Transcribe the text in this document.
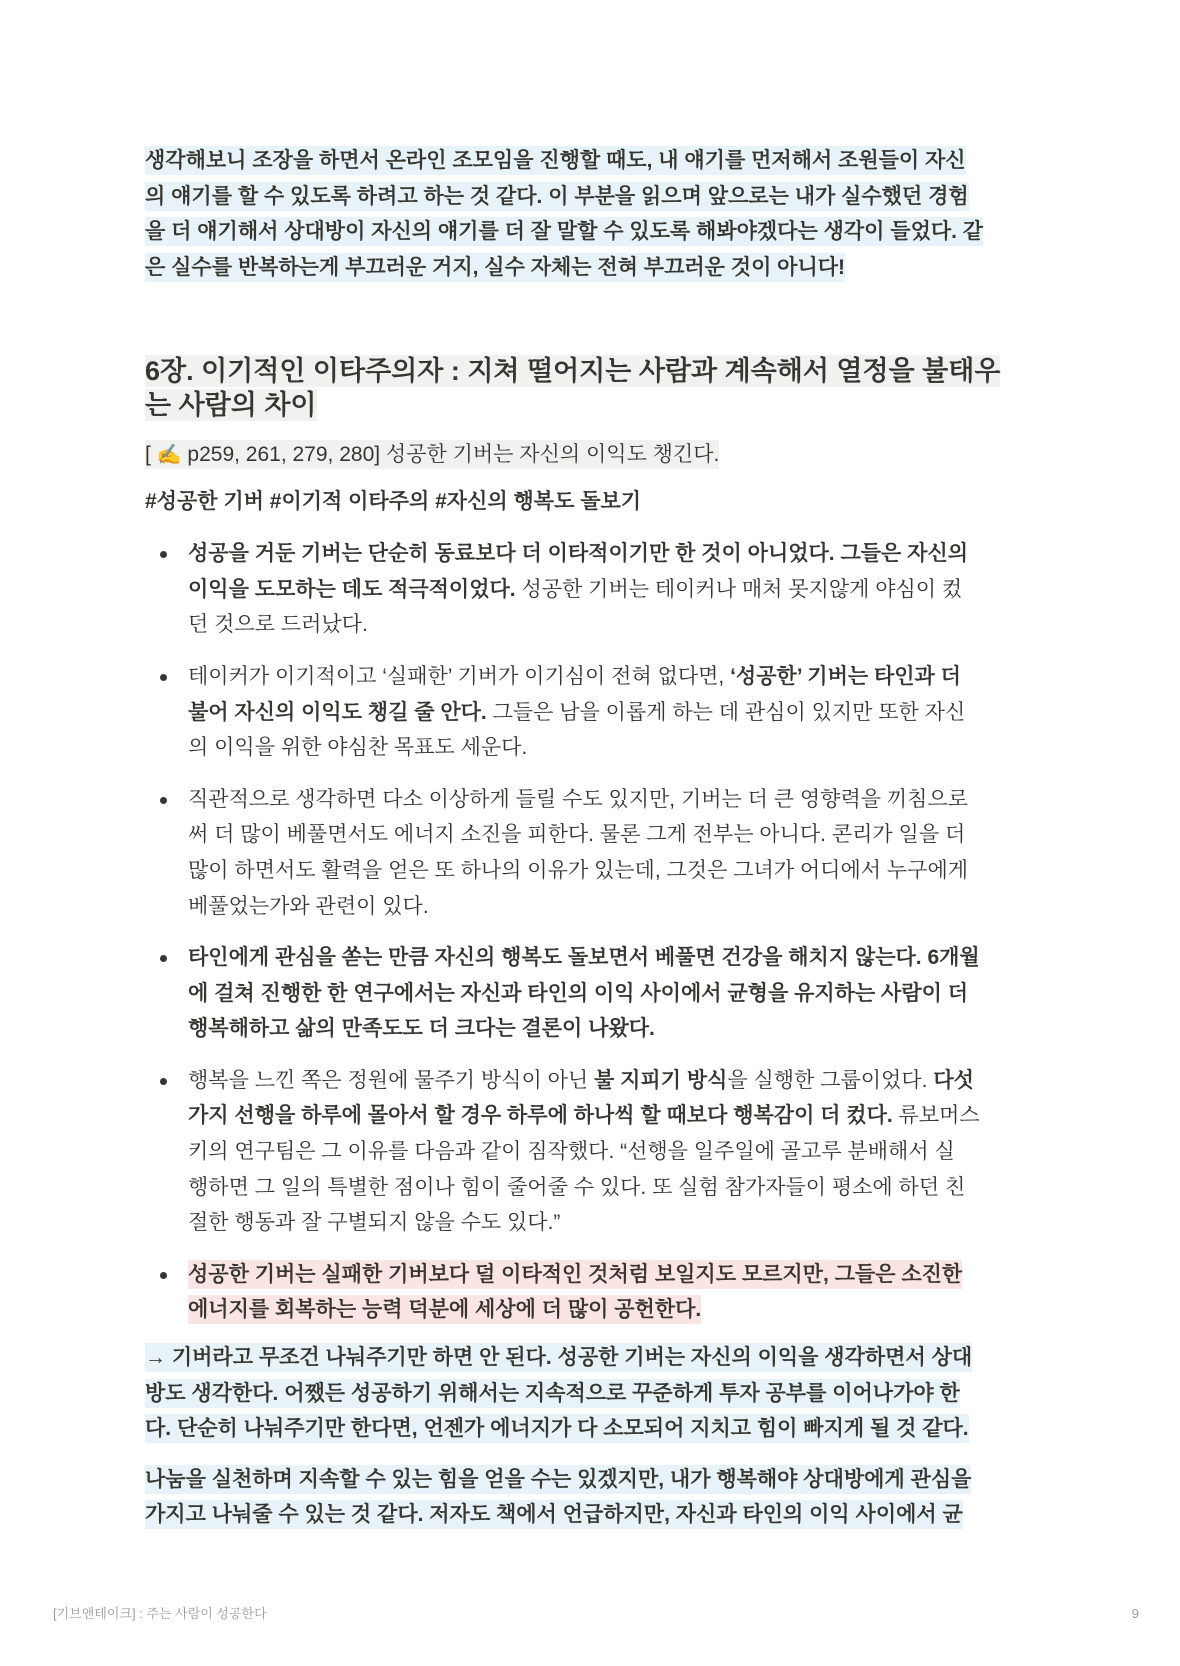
생각해보니 조장을 하면서 온라인 조모임을 진행할 때도, 내 얘기를 먼저해서 조원들이 자신
의 얘기를 할 수 있도록 하려고 하는 것 같다. 이 부분을 읽으며 앞으로는 내가 실수했던 경험
을 더 얘기해서 상대방이 자신의 얘기를 더 잘 말할 수 있도록 해봐야겠다는 생각이 들었다. 같
은 실수를 반복하는게 부끄러운 거지, 실수 자체는 전혀 부끄러운 것이 아니다!
6장. 이기적인 이타주의자 : 지쳐 떨어지는 사람과 계속해서 열정을 불태우
는 사람의 차이
[ ✍️ p259, 261, 279, 280] 성공한 기버는 자신의 이익도 챙긴다.
#성공한 기버 #이기적 이타주의 #자신의 행복도 돌보기
성공을 거둔 기버는 단순히 동료보다 더 이타적이기만 한 것이 아니었다. 그들은 자신의
이익을 도모하는 데도 적극적이었다. 성공한 기버는 테이커나 매처 못지않게 야심이 컸
던 것으로 드러났다.
테이커가 이기적이고 ‘실패한’ 기버가 이기심이 전혀 없다면, ‘성공한’ 기버는 타인과 더
불어 자신의 이익도 챙길 줄 안다. 그들은 남을 이롭게 하는 데 관심이 있지만 또한 자신
의 이익을 위한 야심찬 목표도 세운다.
직관적으로 생각하면 다소 이상하게 들릴 수도 있지만, 기버는 더 큰 영향력을 끼침으로
써 더 많이 베풀면서도 에너지 소진을 피한다. 물론 그게 전부는 아니다. 콘리가 일을 더
많이 하면서도 활력을 얻은 또 하나의 이유가 있는데, 그것은 그녀가 어디에서 누구에게
베풀었는가와 관련이 있다.
타인에게 관심을 쏟는 만큼 자신의 행복도 돌보면서 베풀면 건강을 해치지 않는다. 6개월
에 걸쳐 진행한 한 연구에서는 자신과 타인의 이익 사이에서 균형을 유지하는 사람이 더
행복해하고 삶의 만족도도 더 크다는 결론이 나왔다.
행복을 느낀 쪽은 정원에 물주기 방식이 아닌 불 지피기 방식을 실행한 그룹이었다. 다섯
가지 선행을 하루에 몰아서 할 경우 하루에 하나씩 할 때보다 행복감이 더 컸다. 류보머스
키의 연구팀은 그 이유를 다음과 같이 짐작했다. “선행을 일주일에 골고루 분배해서 실
행하면 그 일의 특별한 점이나 힘이 줄어줄 수 있다. 또 실험 참가자들이 평소에 하던 친
절한 행동과 잘 구별되지 않을 수도 있다.”
성공한 기버는 실패한 기버보다 덜 이타적인 것처럼 보일지도 모르지만, 그들은 소진한
에너지를 회복하는 능력 덕분에 세상에 더 많이 공헌한다.
→ 기버라고 무조건 나눠주기만 하면 안 된다. 성공한 기버는 자신의 이익을 생각하면서 상대
방도 생각한다. 어쨌든 성공하기 위해서는 지속적으로 꾸준하게 투자 공부를 이어나가야 한
다. 단순히 나눠주기만 한다면, 언젠가 에너지가 다 소모되어 지치고 힘이 빠지게 될 것 같다.
나눔을 실천하며 지속할 수 있는 힘을 얻을 수는 있겠지만, 내가 행복해야 상대방에게 관심을
가지고 나눠줄 수 있는 것 같다. 저자도 책에서 언급하지만, 자신과 타인의 이익 사이에서 균
[기브앤테이크] : 주는 사람이 성공한다	9
